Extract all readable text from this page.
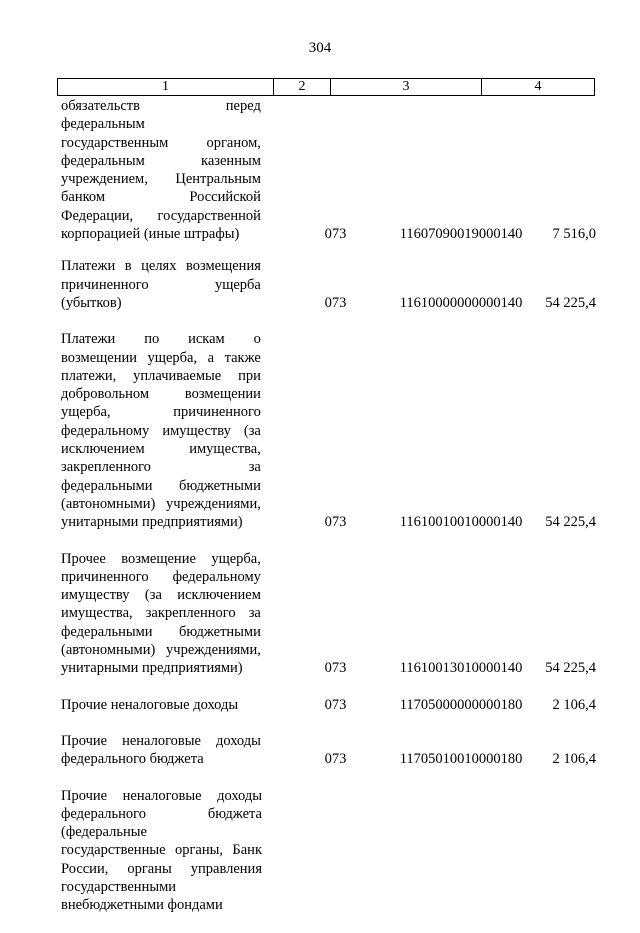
304
1	2	3	4
обязательств перед
федеральным
государственным органом,
федеральным казенным
учреждением, Центральным
банком Российской
Федерации, государственной
корпорацией (иные штрафы)	073	11607090019000140	7 516,0
Платежи в целях возмещения
причиненного ущерба
(убытков)	073	11610000000000140	54 225,4
Платежи по искам о
возмещении ущерба, а также
платежи, уплачиваемые при
добровольном возмещении
ущерба, причиненного
федеральному имуществу (за
исключением имущества,
закрепленного за
федеральными бюджетными
(автономными) учреждениями,
унитарными предприятиями)	073	11610010010000140	54 225,4
Прочее возмещение ущерба,
причиненного федеральному
имуществу (за исключением
имущества, закрепленного за
федеральными бюджетными
(автономными) учреждениями,
унитарными предприятиями)	073	11610013010000140	54 225,4
Прочие неналоговые доходы	073	11705000000000180	2 106,4
Прочие неналоговые доходы
федерального бюджета	073	11705010010000180	2 106,4
Прочие неналоговые доходы
федерального бюджета
(федеральные
государственные органы, Банк
России, органы управления
государственными
внебюджетными фондами
